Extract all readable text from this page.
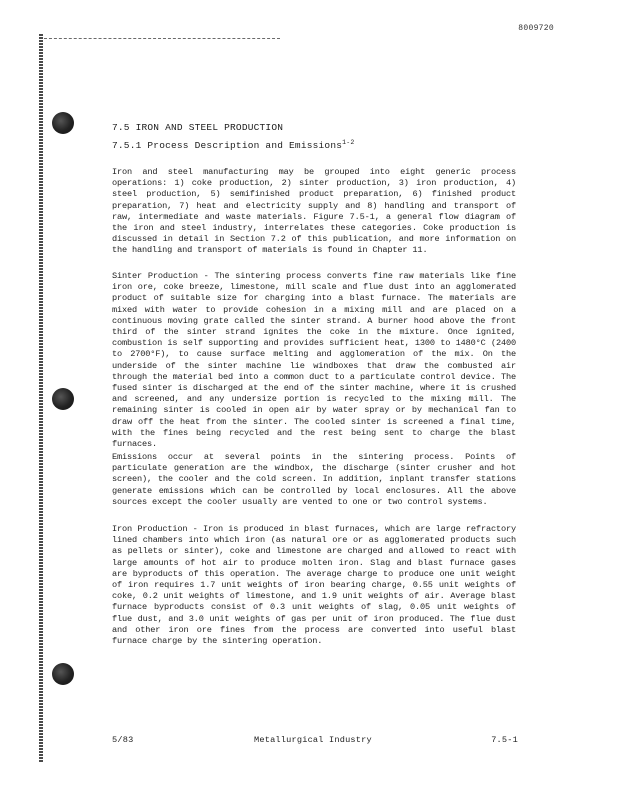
8009720
7.5 IRON AND STEEL PRODUCTION
7.5.1 Process Description and Emissions$^{1-2}$

Iron and steel manufacturing may be grouped into eight generic process operations: 1) coke production, 2) sinter production, 3) iron production, 4) steel production, 5) semifinished product preparation, 6) finished product preparation, 7) heat and electricity supply and 8) handling and transport of raw, intermediate and waste materials. Figure 7.5-1, a general flow diagram of the iron and steel industry, interrelates these categories. Coke production is discussed in detail in Section 7.2 of this publication, and more information on the handling and transport of materials is found in Chapter 11.

Sinter Production - The sintering process converts fine raw materials like fine iron ore, coke breeze, limestone, mill scale and flue dust into an agglomerated product of suitable size for charging into a blast furnace. The materials are mixed with water to provide cohesion in a mixing mill and are placed on a continuous moving grate called the sinter strand. A burner hood above the front third of the sinter strand ignites the coke in the mixture. Once ignited, combustion is self supporting and provides sufficient heat, 1300 to 1480°C (2400 to 2700°F), to cause surface melting and agglomeration of the mix. On the underside of the sinter machine lie windboxes that draw the combusted air through the material bed into a common duct to a particulate control device. The fused sinter is discharged at the end of the sinter machine, where it is crushed and screened, and any undersize portion is recycled to the mixing mill. The remaining sinter is cooled in open air by water spray or by mechanical fan to draw off the heat from the sinter. The cooled sinter is screened a final time, with the fines being recycled and the rest being sent to charge the blast furnaces.

Emissions occur at several points in the sintering process. Points of particulate generation are the windbox, the discharge (sinter crusher and hot screen), the cooler and the cold screen. In addition, inplant transfer stations generate emissions which can be controlled by local enclosures. All the above sources except the cooler usually are vented to one or two control systems.

Iron Production - Iron is produced in blast furnaces, which are large refractory lined chambers into which iron (as natural ore or as agglomerated products such as pellets or sinter), coke and limestone are charged and allowed to react with large amounts of hot air to produce molten iron. Slag and blast furnace gases are byproducts of this operation. The average charge to produce one unit weight of iron requires 1.7 unit weights of iron bearing charge, 0.55 unit weights of coke, 0.2 unit weights of limestone, and 1.9 unit weights of air. Average blast furnace byproducts consist of 0.3 unit weights of slag, 0.05 unit weights of flue dust, and 3.0 unit weights of gas per unit of iron produced. The flue dust and other iron ore fines from the process are converted into useful blast furnace charge by the sintering operation.

5/83	Metallurgical Industry	7.5-1
